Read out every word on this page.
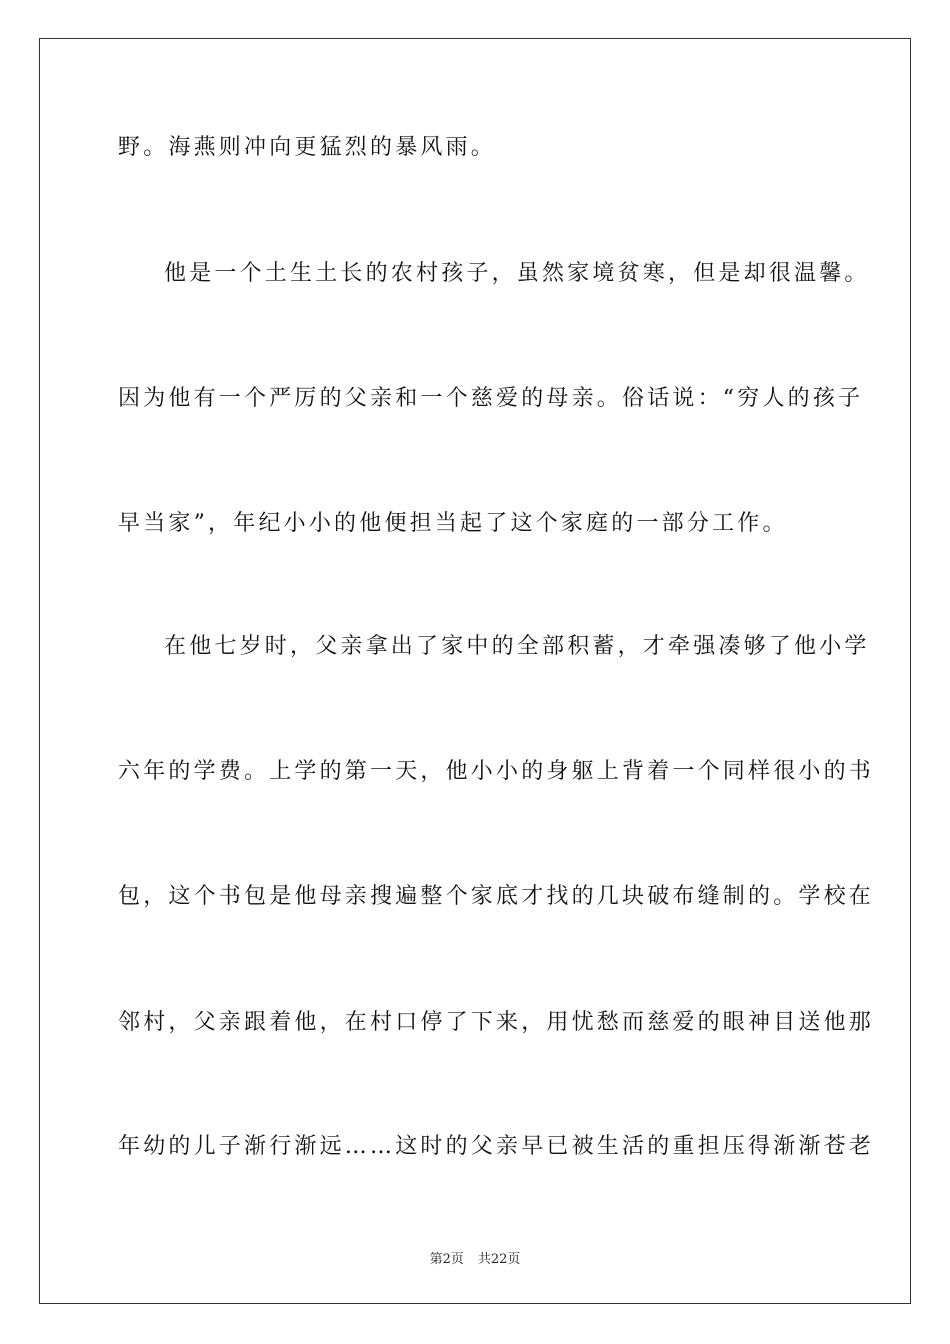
野。海燕则冲向更猛烈的暴风雨。
他是一个土生土长的农村孩子，虽然家境贫寒，但是却很温馨。
因为他有一个严厉的父亲和一个慈爱的母亲。俗话说：“穷人的孩子
早当家”，年纪小小的他便担当起了这个家庭的一部分工作。
在他七岁时，父亲拿出了家中的全部积蓄，才牵强凑够了他小学
六年的学费。上学的第一天，他小小的身躯上背着一个同样很小的书
包，这个书包是他母亲搜遍整个家底才找的几块破布缝制的。学校在
邻村，父亲跟着他，在村口停了下来，用忧愁而慈爱的眼神目送他那
年幼的儿子渐行渐远……这时的父亲早已被生活的重担压得渐渐苍老
第2页 共22页
